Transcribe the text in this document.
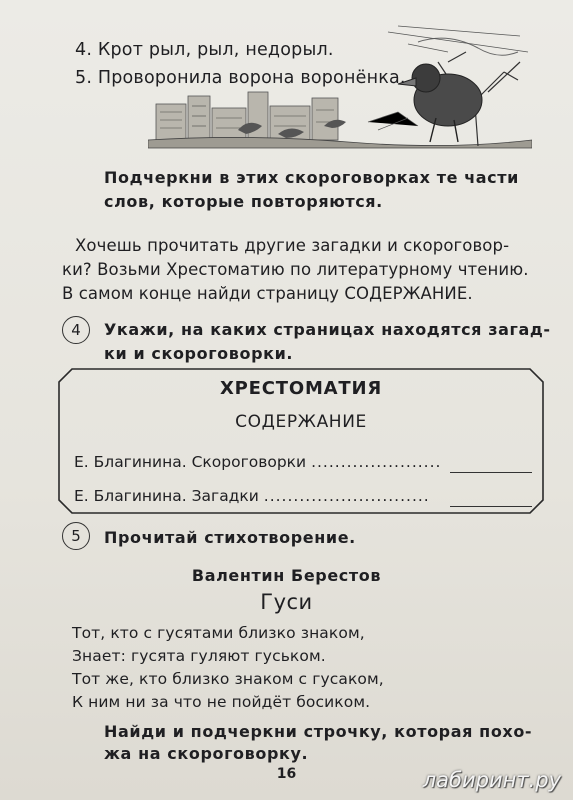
4. Крот рыл, рыл, недорыл.
5. Проворонила ворона воронёнка.
Подчеркни в этих скороговорках те части
слов, которые повторяются.
Хочешь прочитать другие загадки и скороговор-
ки? Возьми Хрестоматию по литературному чтению.
В самом конце найди страницу СОДЕРЖАНИЕ.
4	Укажи, на каких страницах находятся загад-
ки и скороговорки.
ХРЕСТОМАТИЯ
СОДЕРЖАНИЕ
Е. Благинина. Скороговорки ......................
Е. Благинина. Загадки ............................
5	Прочитай стихотворение.
Валентин Берестов
Гуси
Тот, кто с гусятами близко знаком,
Знает: гусята гуляют гуськом.
Тот же, кто близко знаком с гусаком,
К ним ни за что не пойдёт босиком.
Найди и подчеркни строчку, которая похо-
жа на скороговорку.
16	лабиринт.ру
